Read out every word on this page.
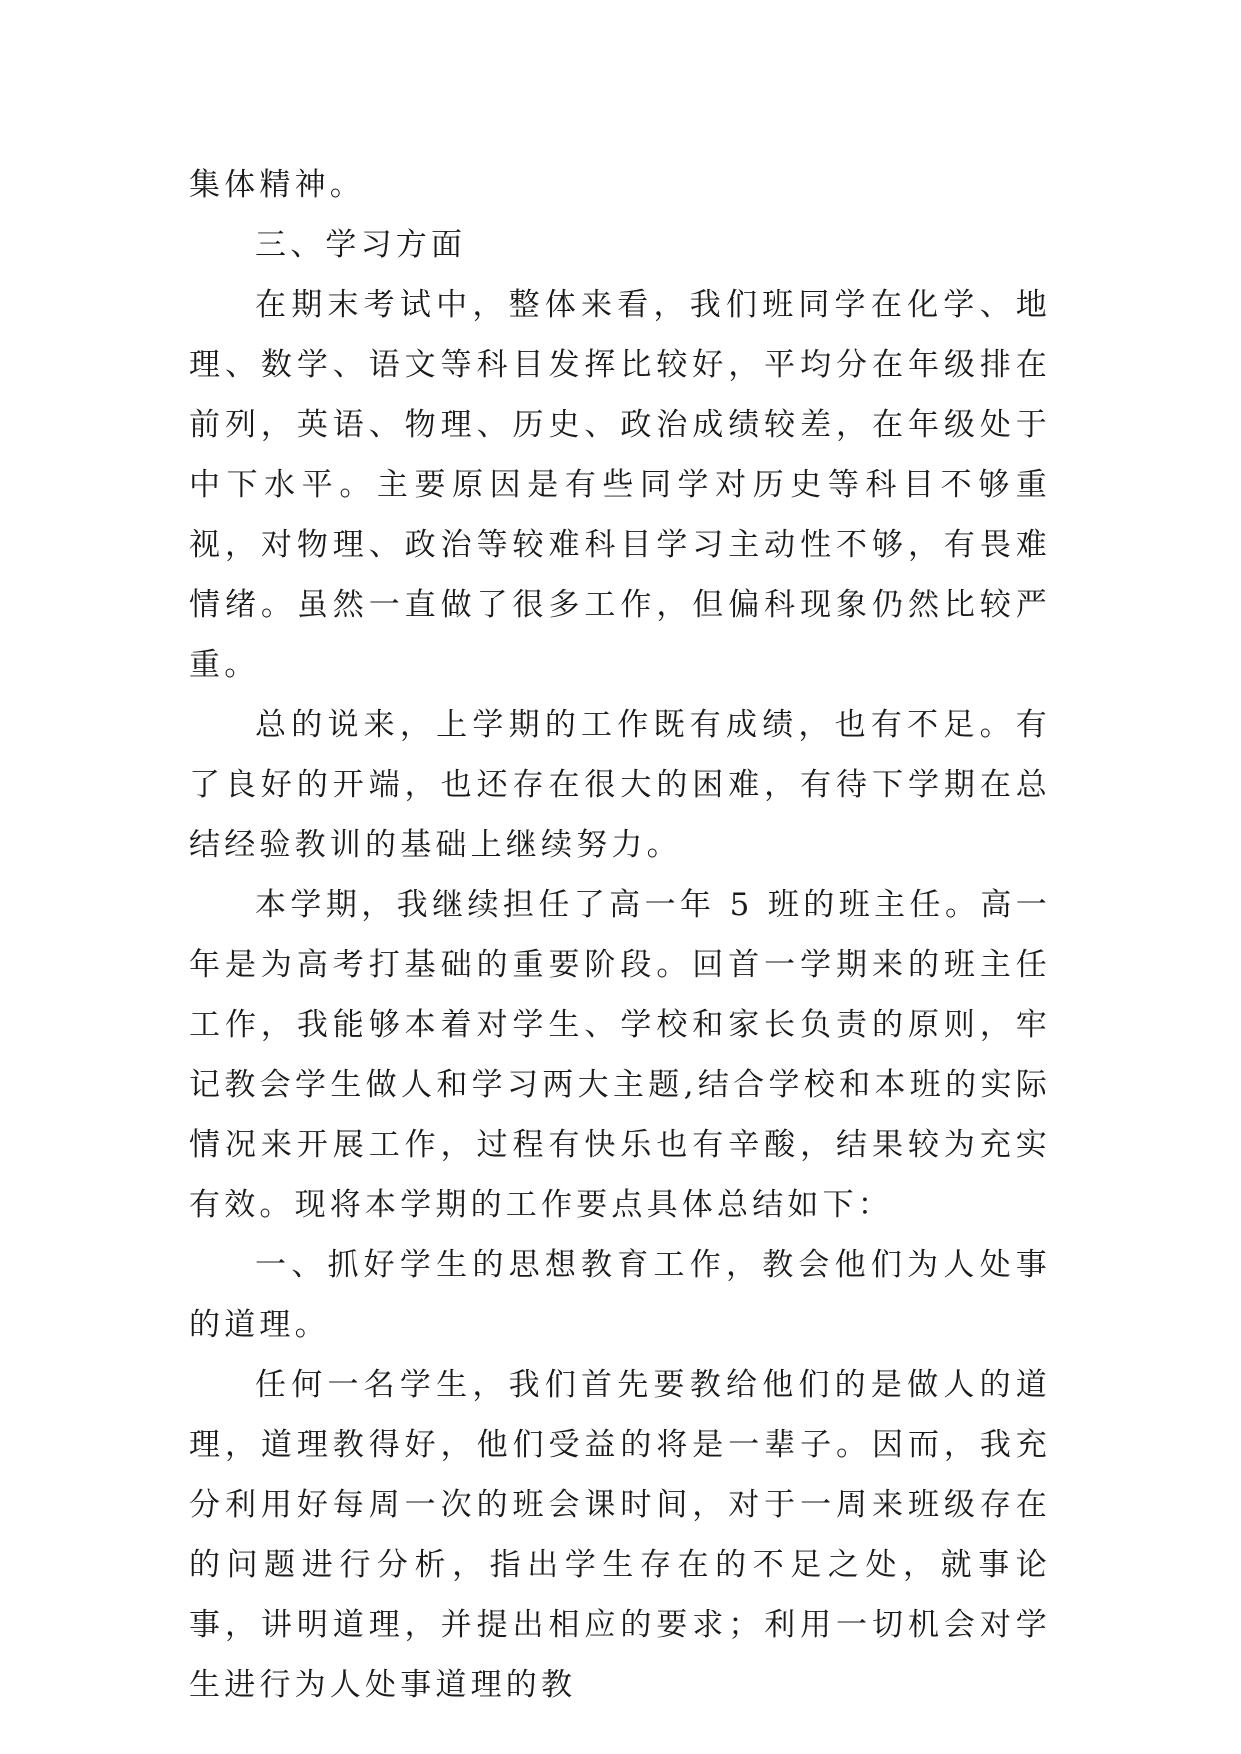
集体精神。

三、学习方面

在期末考试中，整体来看，我们班同学在化学、地理、数学、语文等科目发挥比较好，平均分在年级排在前列，英语、物理、历史、政治成绩较差，在年级处于中下水平。主要原因是有些同学对历史等科目不够重视，对物理、政治等较难科目学习主动性不够，有畏难情绪。虽然一直做了很多工作，但偏科现象仍然比较严重。

总的说来，上学期的工作既有成绩，也有不足。有了良好的开端，也还存在很大的困难，有待下学期在总结经验教训的基础上继续努力。

本学期，我继续担任了高一年 5 班的班主任。高一年是为高考打基础的重要阶段。回首一学期来的班主任工作，我能够本着对学生、学校和家长负责的原则，牢记教会学生做人和学习两大主题,结合学校和本班的实际情况来开展工作，过程有快乐也有辛酸，结果较为充实有效。现将本学期的工作要点具体总结如下：

一、抓好学生的思想教育工作，教会他们为人处事的道理。

任何一名学生，我们首先要教给他们的是做人的道理，道理教得好，他们受益的将是一辈子。因而，我充分利用好每周一次的班会课时间，对于一周来班级存在的问题进行分析，指出学生存在的不足之处，就事论事，讲明道理，并提出相应的要求；利用一切机会对学生进行为人处事道理的教
